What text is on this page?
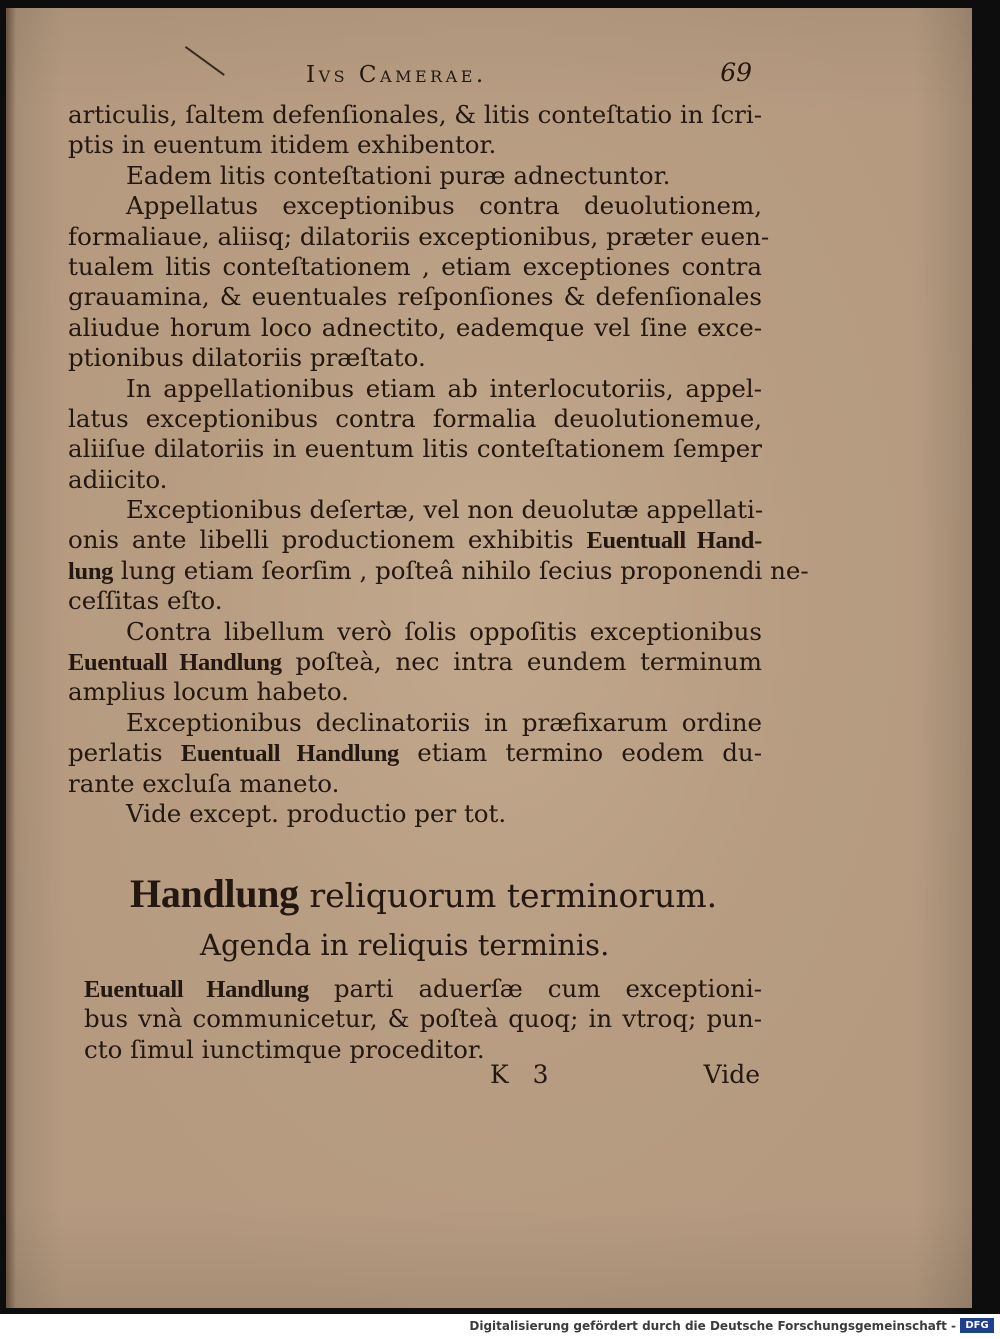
Ivs Camerae.	69
articulis, ſaltem defenſionales, & litis conteſtatio in ſcri-
ptis in euentum itidem exhibentor.
Eadem litis conteſtationi puræ adnectuntor.
Appellatus exceptionibus contra deuolutionem,
formaliaue, aliisq; dilatoriis exceptionibus, præter euen-
tualem litis conteſtationem , etiam exceptiones contra
grauamina, & euentuales reſponſiones & defenſionales
aliudue horum loco adnectito, eademque vel ſine exce-
ptionibus dilatoriis præſtato.
In appellationibus etiam ab interlocutoriis, appel-
latus exceptionibus contra formalia deuolutionemue,
aliiſue dilatoriis in euentum litis conteſtationem ſemper
adiicito.
Exceptionibus deſertæ, vel non deuolutæ appellati-
onis ante libelli productionem exhibitis Euentuall Hand-
lung lung etiam ſeorſim , poſteâ nihilo ſecius proponendi ne-
ceſſitas eſto.
Contra libellum verò ſolis oppoſitis exceptionibus
Euentuall Handlung poſteà, nec intra eundem terminum
amplius locum habeto.
Exceptionibus declinatoriis in præfixarum ordine
perlatis Euentuall Handlung etiam termino eodem du-
rante excluſa maneto.
Vide except. productio per tot.
Handlung reliquorum terminorum.
Agenda in reliquis terminis.
Euentuall Handlung parti aduerſæ cum exceptioni-
bus vnà communicetur, & poſteà quoq; in vtroq; pun-
cto ſimul iunctimque proceditor.
K 3	Vide
Digitalisierung gefördert durch die Deutsche Forschungsgemeinschaft - DFG
